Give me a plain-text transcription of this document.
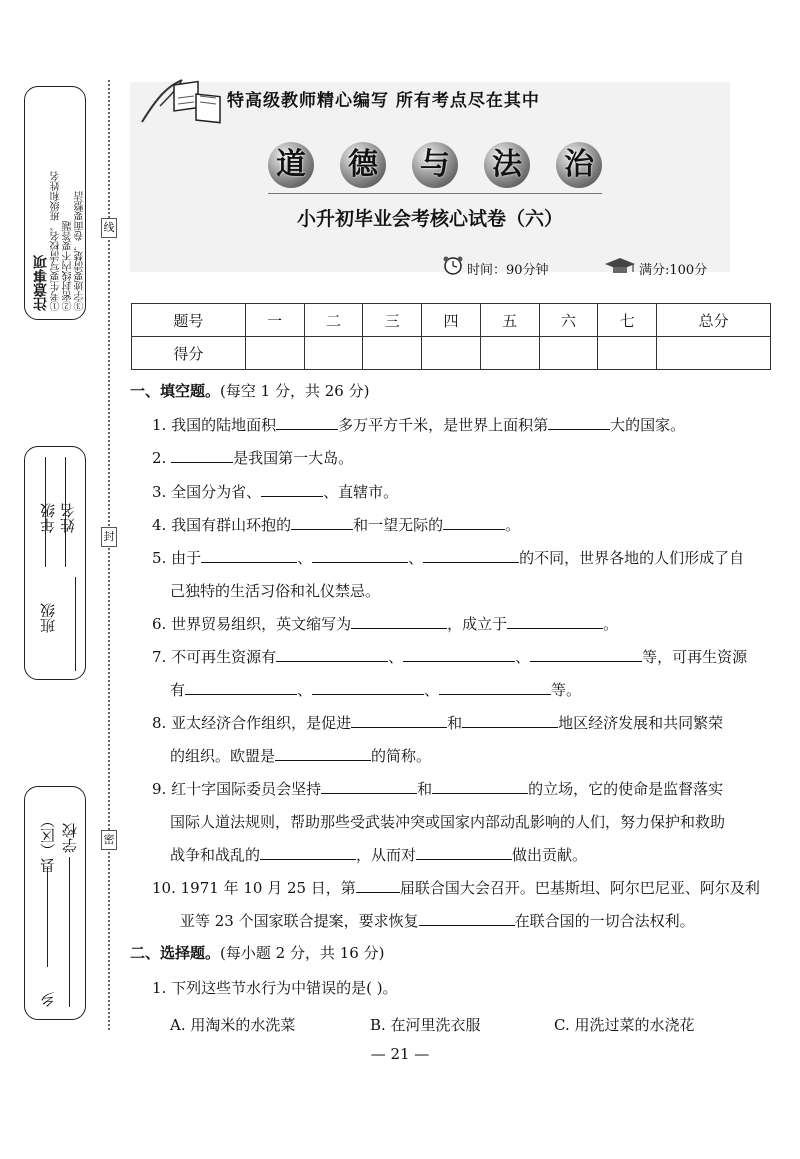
注意事项 ①考生要写清校名、班级和姓名 ②密封线内不要答题 ③字迹要清楚，卷面要整洁
年级 姓名
班级
县（区） 学校
乡
线
封
密
特高级教师精心编写 所有考点尽在其中
道 德 与 法 治
小升初毕业会考核心试卷（六）
时间：90分钟	满分:100分
题号	一	二	三	四	五	六	七	总分
得分								
一、填空题。(每空 1 分，共 26 分)
1. 我国的陆地面积	多万平方千米，是世界上面积第	大的国家。
2.	是我国第一大岛。
3. 全国分为省、	、直辖市。
4. 我国有群山环抱的	和一望无际的	。
5. 由于	、	、	的不同，世界各地的人们形成了自
己独特的生活习俗和礼仪禁忌。
6. 世界贸易组织，英文缩写为	，成立于	。
7. 不可再生资源有	、	、	等，可再生资源
有	、	、	等。
8. 亚太经济合作组织，是促进	和	地区经济发展和共同繁荣
的组织。欧盟是	的简称。
9. 红十字国际委员会坚持	和	的立场，它的使命是监督落实
国际人道法规则，帮助那些受武装冲突或国家内部动乱影响的人们，努力保护和救助
战争和战乱的	，从而对	做出贡献。
10. 1971 年 10 月 25 日，第	届联合国大会召开。巴基斯坦、阿尔巴尼亚、阿尔及利
亚等 23 个国家联合提案，要求恢复	在联合国的一切合法权利。
二、选择题。(每小题 2 分，共 16 分)
1. 下列这些节水行为中错误的是( )。
A. 用淘米的水洗菜	B. 在河里洗衣服	C. 用洗过菜的水浇花
— 21 —
